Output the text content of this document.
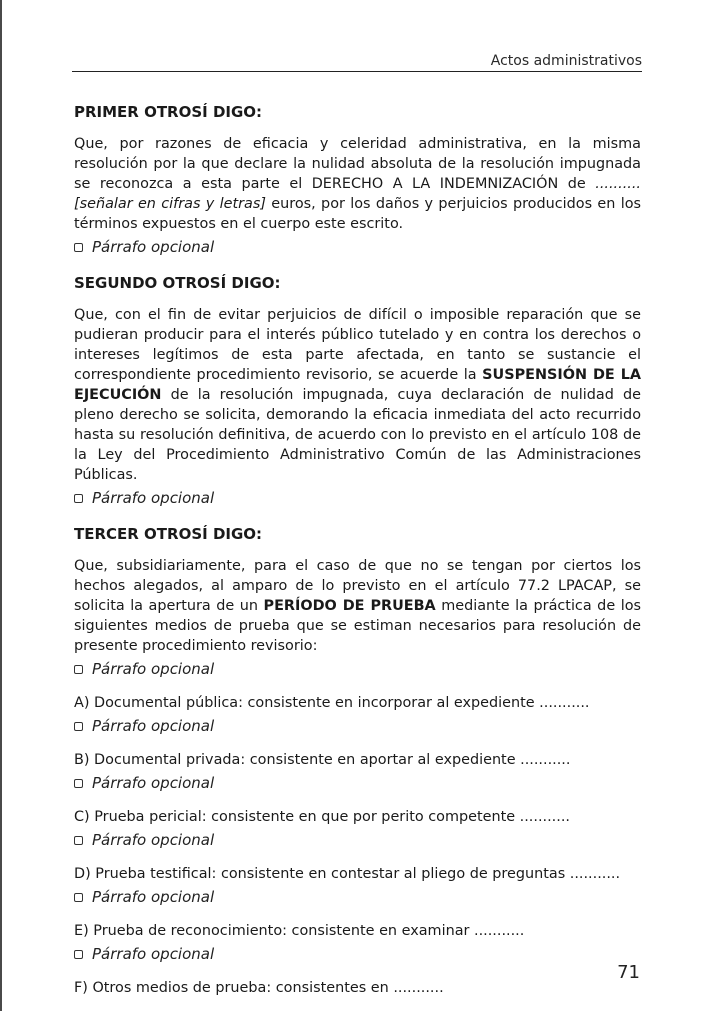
Actos administrativos

PRIMER OTROSÍ DIGO:

Que, por razones de eficacia y celeridad administrativa, en la misma resolución por la que declare la nulidad absoluta de la resolución impugnada se reconozca a esta parte el DERECHO A LA INDEMNIZACIÓN de ..........[señalar en cifras y letras] euros, por los daños y perjuicios producidos en los términos expuestos en el cuerpo este escrito.

Párrafo opcional

SEGUNDO OTROSÍ DIGO:

Que, con el fin de evitar perjuicios de difícil o imposible reparación que se pudieran producir para el interés público tutelado y en contra los derechos o intereses legítimos de esta parte afectada, en tanto se sustancie el correspondiente procedimiento revisorio, se acuerde la SUSPENSIÓN DE LA EJECUCIÓN de la resolución impugnada, cuya declaración de nulidad de pleno derecho se solicita, demorando la eficacia inmediata del acto recurrido hasta su resolución definitiva, de acuerdo con lo previsto en el artículo 108 de la Ley del Procedimiento Administrativo Común de las Administraciones Públicas.

Párrafo opcional

TERCER OTROSÍ DIGO:

Que, subsidiariamente, para el caso de que no se tengan por ciertos los hechos alegados, al amparo de lo previsto en el artículo 77.2 LPACAP, se solicita la apertura de un PERÍODO DE PRUEBA mediante la práctica de los siguientes medios de prueba que se estiman necesarios para resolución de presente procedimiento revisorio:

Párrafo opcional

A) Documental pública: consistente en incorporar al expediente ...........

Párrafo opcional

B) Documental privada: consistente en aportar al expediente ...........

Párrafo opcional

C) Prueba pericial: consistente en que por perito competente ...........

Párrafo opcional

D) Prueba testifical: consistente en contestar al pliego de preguntas ...........

Párrafo opcional

E) Prueba de reconocimiento: consistente en examinar ...........

Párrafo opcional

F) Otros medios de prueba: consistentes en ...........

71
